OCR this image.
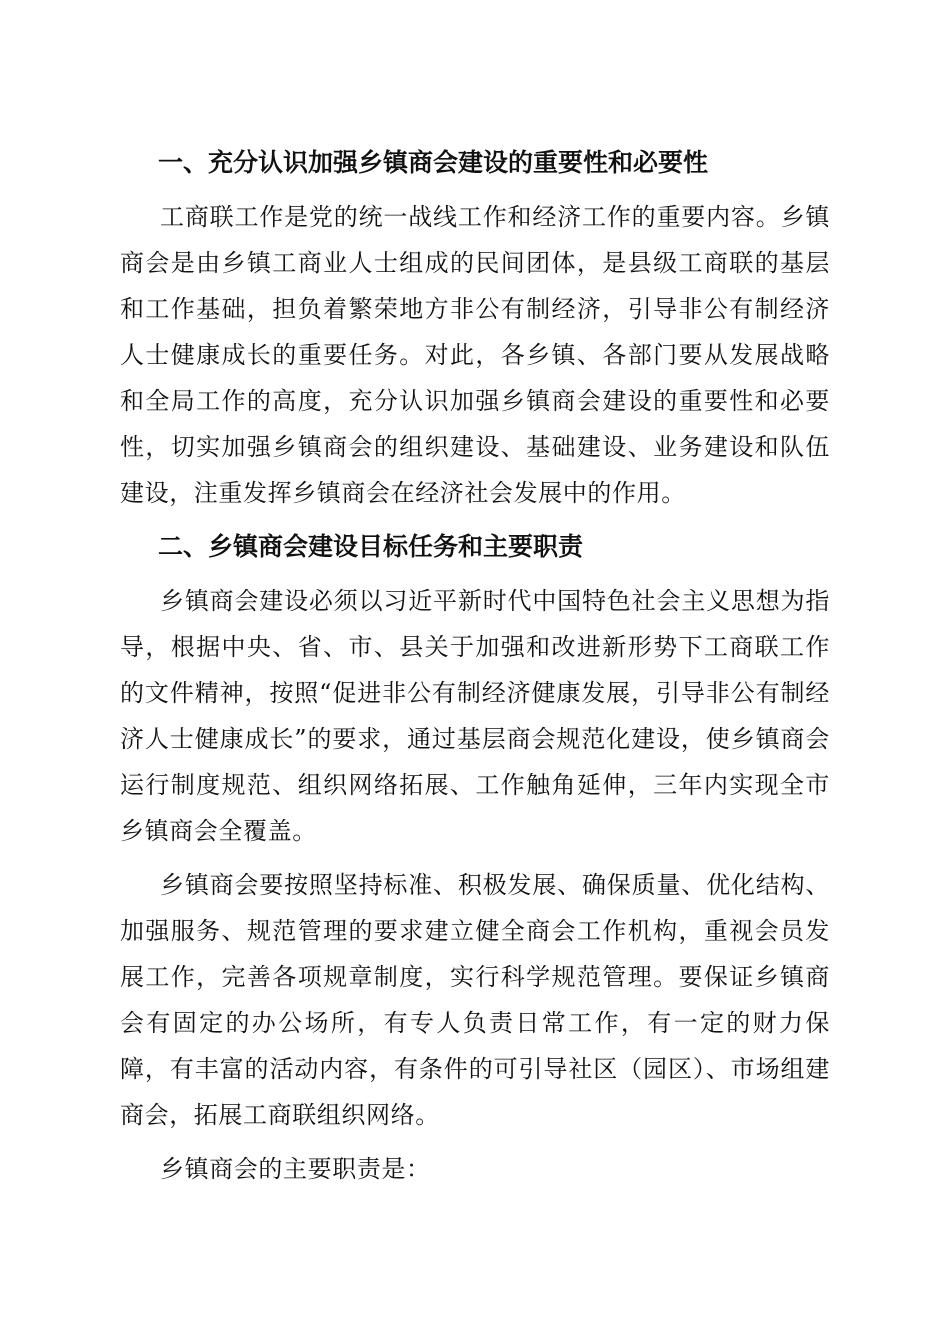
一、充分认识加强乡镇商会建设的重要性和必要性

工商联工作是党的统一战线工作和经济工作的重要内容。乡镇商会是由乡镇工商业人士组成的民间团体，是县级工商联的基层和工作基础，担负着繁荣地方非公有制经济，引导非公有制经济人士健康成长的重要任务。对此，各乡镇、各部门要从发展战略和全局工作的高度，充分认识加强乡镇商会建设的重要性和必要性，切实加强乡镇商会的组织建设、基础建设、业务建设和队伍建设，注重发挥乡镇商会在经济社会发展中的作用。

二、乡镇商会建设目标任务和主要职责

乡镇商会建设必须以习近平新时代中国特色社会主义思想为指导，根据中央、省、市、县关于加强和改进新形势下工商联工作的文件精神，按照“促进非公有制经济健康发展，引导非公有制经济人士健康成长”的要求，通过基层商会规范化建设，使乡镇商会运行制度规范、组织网络拓展、工作触角延伸，三年内实现全市乡镇商会全覆盖。

乡镇商会要按照坚持标准、积极发展、确保质量、优化结构、加强服务、规范管理的要求建立健全商会工作机构，重视会员发展工作，完善各项规章制度，实行科学规范管理。要保证乡镇商会有固定的办公场所，有专人负责日常工作，有一定的财力保障，有丰富的活动内容，有条件的可引导社区（园区）、市场组建商会，拓展工商联组织网络。

乡镇商会的主要职责是：
